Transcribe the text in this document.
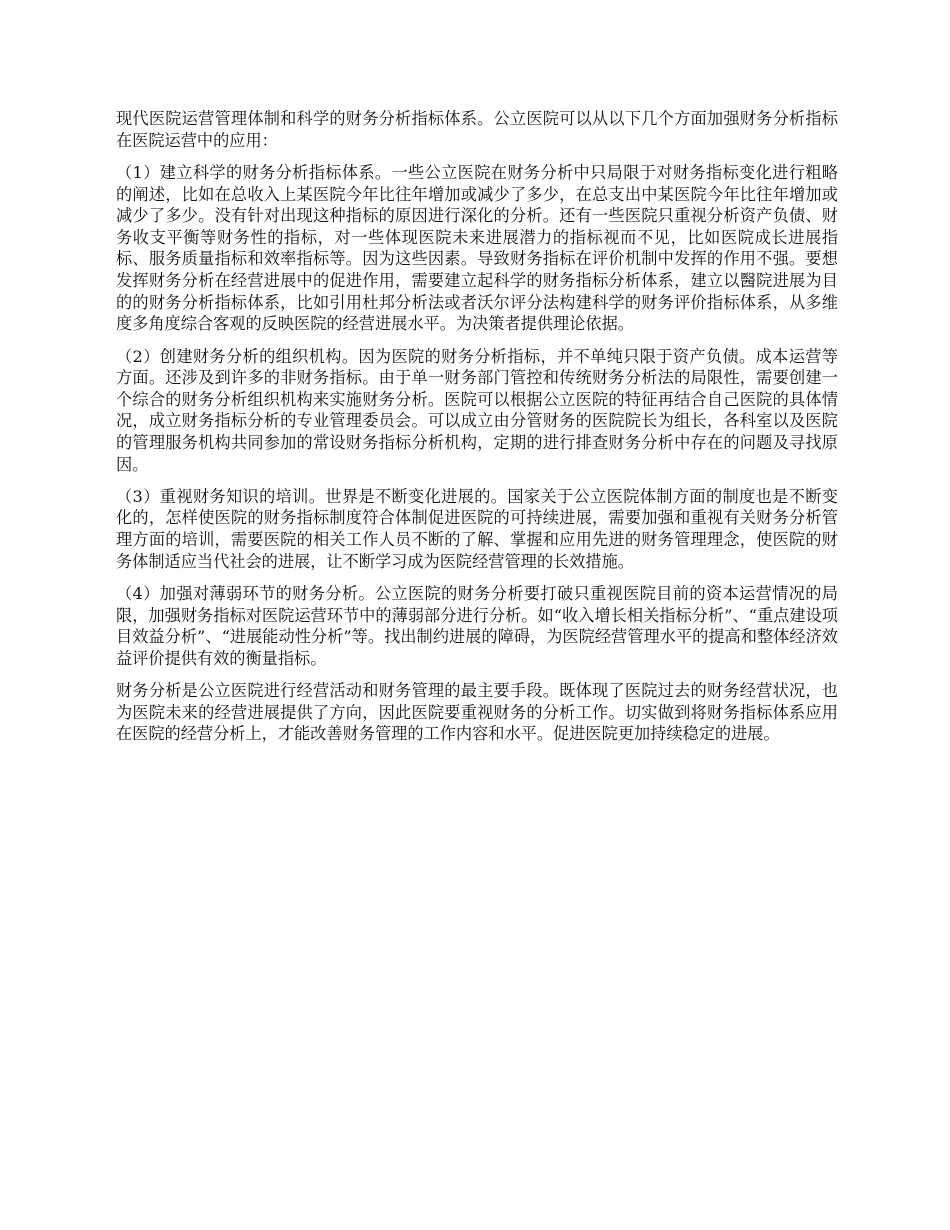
现代医院运营管理体制和科学的财务分析指标体系。公立医院可以从以下几个方面加强财务分析指标在医院运营中的应用：

（1）建立科学的财务分析指标体系。一些公立医院在财务分析中只局限于对财务指标变化进行粗略的阐述，比如在总收入上某医院今年比往年增加或减少了多少，在总支出中某医院今年比往年增加或减少了多少。没有针对出现这种指标的原因进行深化的分析。还有一些医院只重视分析资产负债、财务收支平衡等财务性的指标，对一些体现医院未来进展潜力的指标视而不见，比如医院成长进展指标、服务质量指标和效率指标等。因为这些因素。导致财务指标在评价机制中发挥的作用不强。要想发挥财务分析在经营进展中的促进作用，需要建立起科学的财务指标分析体系，建立以醫院进展为目的的财务分析指标体系，比如引用杜邦分析法或者沃尔评分法构建科学的财务评价指标体系，从多维度多角度综合客观的反映医院的经营进展水平。为决策者提供理论依据。

（2）创建财务分析的组织机构。因为医院的财务分析指标，并不单纯只限于资产负债。成本运营等方面。还涉及到许多的非财务指标。由于单一财务部门管控和传统财务分析法的局限性，需要创建一个综合的财务分析组织机构来实施财务分析。医院可以根据公立医院的特征再结合自己医院的具体情况，成立财务指标分析的专业管理委员会。可以成立由分管财务的医院院长为组长，各科室以及医院的管理服务机构共同参加的常设财务指标分析机构，定期的进行排查财务分析中存在的问题及寻找原因。

（3）重视财务知识的培训。世界是不断变化进展的。国家关于公立医院体制方面的制度也是不断变化的，怎样使医院的财务指标制度符合体制促进医院的可持续进展，需要加强和重视有关财务分析管理方面的培训，需要医院的相关工作人员不断的了解、掌握和应用先进的财务管理理念，使医院的财务体制适应当代社会的进展，让不断学习成为医院经营管理的长效措施。

（4）加强对薄弱环节的财务分析。公立医院的财务分析要打破只重视医院目前的资本运营情况的局限，加强财务指标对医院运营环节中的薄弱部分进行分析。如“收入增长相关指标分析”、“重点建设项目效益分析”、“进展能动性分析”等。找出制约进展的障碍，为医院经营管理水平的提高和整体经济效益评价提供有效的衡量指标。

财务分析是公立医院进行经营活动和财务管理的最主要手段。既体现了医院过去的财务经营状况，也为医院未来的经营进展提供了方向，因此医院要重视财务的分析工作。切实做到将财务指标体系应用在医院的经营分析上，才能改善财务管理的工作内容和水平。促进医院更加持续稳定的进展。
